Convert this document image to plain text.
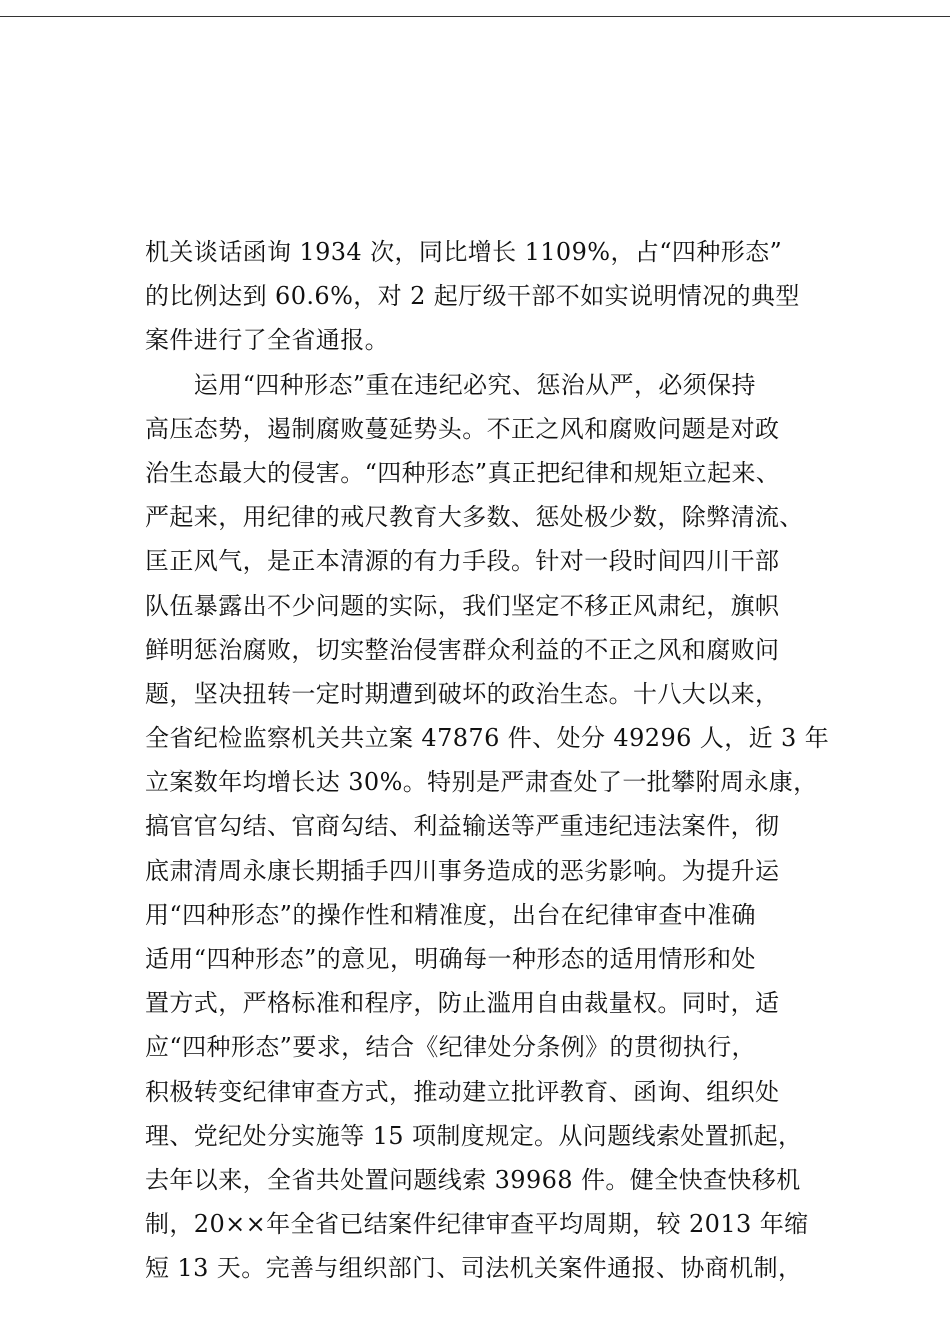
机关谈话函询 1934 次，同比增长 1109%，占“四种形态”
的比例达到 60.6%，对 2 起厅级干部不如实说明情况的典型
案件进行了全省通报。
　　运用“四种形态”重在违纪必究、惩治从严，必须保持
高压态势，遏制腐败蔓延势头。不正之风和腐败问题是对政
治生态最大的侵害。“四种形态”真正把纪律和规矩立起来、
严起来，用纪律的戒尺教育大多数、惩处极少数，除弊清流、
匡正风气，是正本清源的有力手段。针对一段时间四川干部
队伍暴露出不少问题的实际，我们坚定不移正风肃纪，旗帜
鲜明惩治腐败，切实整治侵害群众利益的不正之风和腐败问
题，坚决扭转一定时期遭到破坏的政治生态。十八大以来，
全省纪检监察机关共立案 47876 件、处分 49296 人，近 3 年
立案数年均增长达 30%。特别是严肃查处了一批攀附周永康，
搞官官勾结、官商勾结、利益输送等严重违纪违法案件，彻
底肃清周永康长期插手四川事务造成的恶劣影响。为提升运
用“四种形态”的操作性和精准度，出台在纪律审查中准确
适用“四种形态”的意见，明确每一种形态的适用情形和处
置方式，严格标准和程序，防止滥用自由裁量权。同时，适
应“四种形态”要求，结合《纪律处分条例》的贯彻执行，
积极转变纪律审查方式，推动建立批评教育、函询、组织处
理、党纪处分实施等 15 项制度规定。从问题线索处置抓起，
去年以来，全省共处置问题线索 39968 件。健全快查快移机
制，20××年全省已结案件纪律审查平均周期，较 2013 年缩
短 13 天。完善与组织部门、司法机关案件通报、协商机制，
